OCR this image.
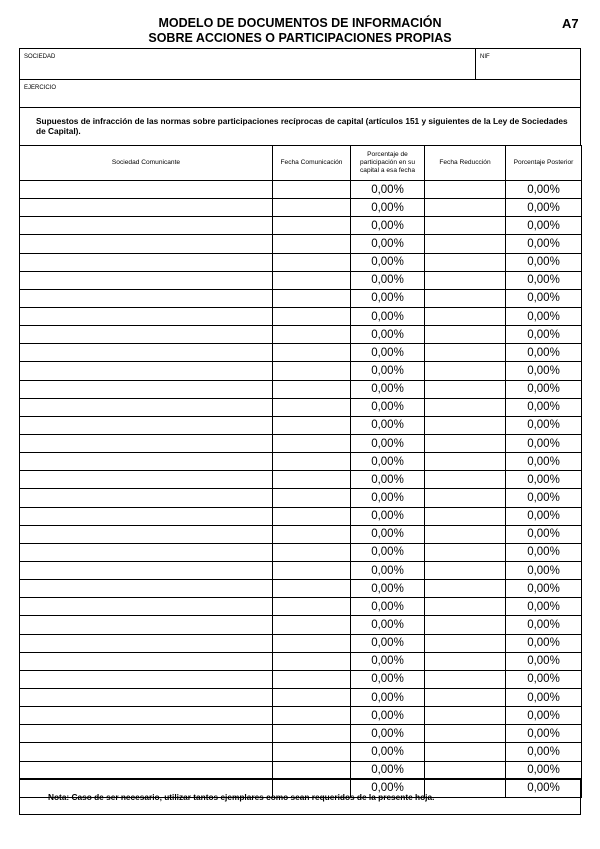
MODELO DE DOCUMENTOS DE INFORMACIÓN
SOBRE ACCIONES O PARTICIPACIONES PROPIAS
A7
SOCIEDAD	NIF
EJERCICIO
Supuestos de infracción de las normas sobre participaciones recíprocas de capital (artículos 151 y siguientes de la Ley de Sociedades de Capital).
Sociedad Comunicante	Fecha Comunicación	Porcentaje de participación en su capital a esa fecha	Fecha Reducción	Porcentaje Posterior
		0,00%		0,00%
		0,00%		0,00%
		0,00%		0,00%
		0,00%		0,00%
		0,00%		0,00%
		0,00%		0,00%
		0,00%		0,00%
		0,00%		0,00%
		0,00%		0,00%
		0,00%		0,00%
		0,00%		0,00%
		0,00%		0,00%
		0,00%		0,00%
		0,00%		0,00%
		0,00%		0,00%
		0,00%		0,00%
		0,00%		0,00%
		0,00%		0,00%
		0,00%		0,00%
		0,00%		0,00%
		0,00%		0,00%
		0,00%		0,00%
		0,00%		0,00%
		0,00%		0,00%
		0,00%		0,00%
		0,00%		0,00%
		0,00%		0,00%
		0,00%		0,00%
		0,00%		0,00%
		0,00%		0,00%
		0,00%		0,00%
		0,00%		0,00%
		0,00%		0,00%
		0,00%		0,00%
Nota: Caso de ser necesario, utilizar tantos ejemplares como sean requeridos de la presente hoja.
